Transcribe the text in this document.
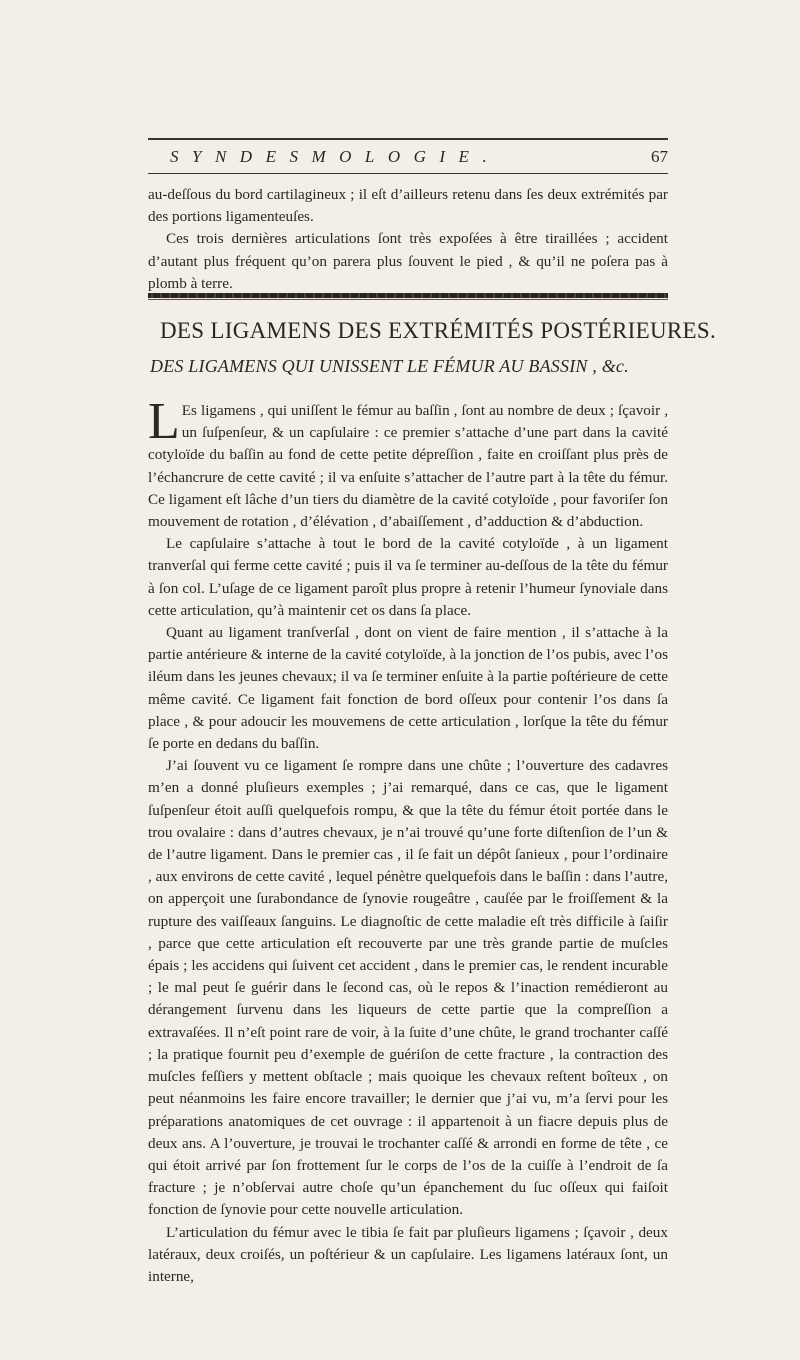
SYNDESMOLOGIE.	67

au-deſſous du bord cartilagineux ; il eſt d’ailleurs retenu dans ſes deux extrémités par des portions ligamenteuſes.

Ces trois dernières articulations ſont très expoſées à être tiraillées ; accident d’autant plus fréquent qu’on parera plus ſouvent le pied , & qu’il ne poſera pas à plomb à terre.

DES LIGAMENS DES EXTRÉMITÉS POSTÉRIEURES.
DES LIGAMENS QUI UNISSENT LE FÉMUR AU BASSIN , &c.

L Es ligamens , qui uniſſent le fémur au baſſin , ſont au nombre de deux ; ſçavoir , un ſuſpenſeur, & un capſulaire : ce premier s’attache d’une part dans la cavité cotyloïde du baſſin au fond de cette petite dépreſſion , faite en croiſſant plus près de l’échancrure de cette cavité ; il va enſuite s’attacher de l’autre part à la tête du fémur. Ce ligament eſt lâche d’un tiers du diamètre de la cavité cotyloïde , pour favoriſer ſon mouvement de rotation , d’élévation , d’abaiſſement , d’adduction & d’abduction.

Le capſulaire s’attache à tout le bord de la cavité cotyloïde , à un ligament tranverſal qui ferme cette cavité ; puis il va ſe terminer au-deſſous de la tête du fémur à ſon col. L’uſage de ce ligament paroît plus propre à retenir l’humeur ſynoviale dans cette articulation, qu’à maintenir cet os dans ſa place.

Quant au ligament tranſverſal , dont on vient de faire mention , il s’attache à la partie antérieure & interne de la cavité cotyloïde, à la jonction de l’os pubis, avec l’os iléum dans les jeunes chevaux; il va ſe terminer enſuite à la partie poſtérieure de cette même cavité. Ce ligament fait fonction de bord oſſeux pour contenir l’os dans ſa place , & pour adoucir les mouvemens de cette articulation , lorſque la tête du fémur ſe porte en dedans du baſſin.

J’ai ſouvent vu ce ligament ſe rompre dans une chûte ; l’ouverture des cadavres m’en a donné pluſieurs exemples ; j’ai remarqué, dans ce cas, que le ligament ſuſpenſeur étoit auſſi quelquefois rompu, & que la tête du fémur étoit portée dans le trou ovalaire : dans d’autres chevaux, je n’ai trouvé qu’une forte diſtenſion de l’un & de l’autre ligament. Dans le premier cas , il ſe fait un dépôt ſanieux , pour l’ordinaire , aux environs de cette cavité , lequel pénètre quelquefois dans le baſſin : dans l’autre, on apperçoit une ſurabondance de ſynovie rougeâtre , cauſée par le froiſſement & la rupture des vaiſſeaux ſanguins. Le diagnoſtic de cette maladie eſt très difficile à ſaiſir , parce que cette articulation eſt recouverte par une très grande partie de muſcles épais ; les accidens qui ſuivent cet accident , dans le premier cas, le rendent incurable ; le mal peut ſe guérir dans le ſecond cas, où le repos & l’inaction remédieront au dérangement ſurvenu dans les liqueurs de cette partie que la compreſſion a extravaſées. Il n’eſt point rare de voir, à la ſuite d’une chûte, le grand trochanter caſſé ; la pratique fournit peu d’exemple de guériſon de cette fracture , la contraction des muſcles feſſiers y mettent obſtacle ; mais quoique les chevaux reſtent boîteux , on peut néanmoins les faire encore travailler; le dernier que j’ai vu, m’a ſervi pour les préparations anatomiques de cet ouvrage : il appartenoit à un fiacre depuis plus de deux ans. A l’ouverture, je trouvai le trochanter caſſé & arrondi en forme de tête , ce qui étoit arrivé par ſon frottement ſur le corps de l’os de la cuiſſe à l’endroit de ſa fracture ; je n’obſervai autre choſe qu’un épanchement du ſuc oſſeux qui faiſoit fonction de ſynovie pour cette nouvelle articulation.

L’articulation du fémur avec le tibia ſe fait par pluſieurs ligamens ; ſçavoir , deux latéraux, deux croiſés, un poſtérieur & un capſulaire. Les ligamens latéraux ſont, un interne,
